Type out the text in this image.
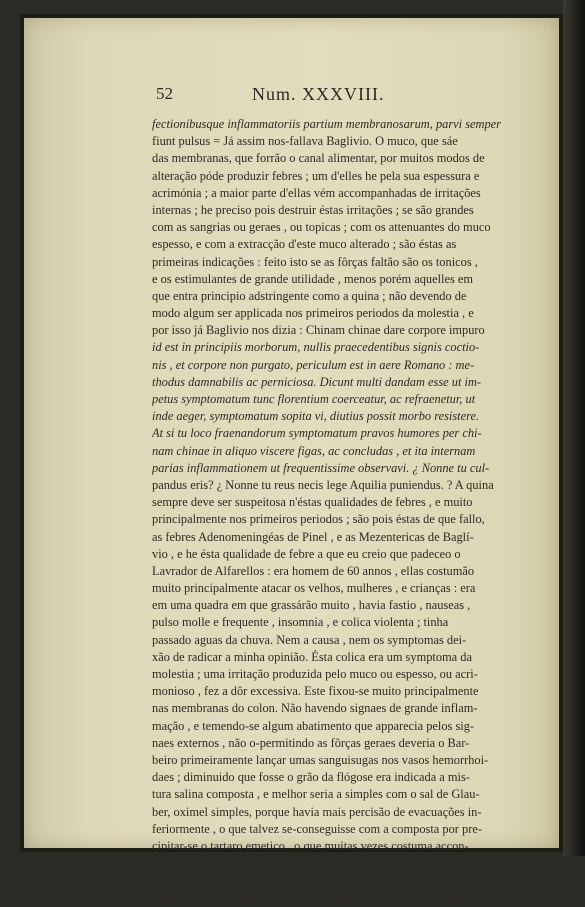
52	Num. XXXVIII.
fectionibusque inflammatoriis partium membranosarum, parvi semper
fiunt pulsus = Já assim nos-fallava Baglivio. O muco, que sáe
das membranas, que forrão o canal alimentar, por muitos modos de
alteração póde produzir febres ; um d'elles he pela sua espessura e
acrimónia ; a maior parte d'ellas vém accompanhadas de irritações
internas ; he preciso pois destruir éstas irritações ; se são grandes
com as sangrias ou geraes , ou topicas ; com os attenuantes do muco
espesso, e com a extracção d'este muco alterado ; são éstas as
primeiras indicações : feito isto se as fôrças faltão são os tonicos ,
e os estimulantes de grande utilidade , menos porém aquelles em
que entra principio adstringente como a quina ; não devendo de
modo algum ser applicada nos primeiros periodos da molestia , e
por isso já Baglivio nos dizia : Chinam chinae dare corpore impuro
id est in principiis morborum, nullis praecedentibus signis coctio-
nis , et corpore non purgato, periculum est in aere Romano : me-
thodus damnabilis ac perniciosa. Dicunt multi dandam esse ut im-
petus symptomatum tunc florentium coerceatur, ac refraenetur, ut
inde aeger, symptomatum sopita vi, diutius possit morbo resistere.
At si tu loco fraenandorum symptomatum pravos humores per chi-
nam chinae in aliquo viscere figas, ac concludas , et ita internam
parias inflammationem ut frequentissime observavi. ¿ Nonne tu cul-
pandus eris? ¿ Nonne tu reus necis lege Aquilia puniendus. ? A quina
sempre deve ser suspeitosa n'éstas qualidades de febres , e muito
principalmente nos primeiros periodos ; são pois éstas de que fallo,
as febres Adenomeningéas de Pinel , e as Mezentericas de Baglí-
vio , e he ésta qualidade de febre a que eu creio que padeceo o
Lavrador de Alfarellos : era homem de 60 annos , ellas costumão
muito principalmente atacar os velhos, mulheres , e crianças : era
em uma quadra em que grassárão muito , havia fastio , nauseas ,
pulso molle e frequente , insomnia , e colica violenta ; tinha
passado aguas da chuva. Nem a causa , nem os symptomas dei-
xão de radicar a minha opinião. Ésta colica era um symptoma da
molestia ; uma irritação produzida pelo muco ou espesso, ou acri-
monioso , fez a dôr excessiva. Este fixou-se muito principalmente
nas membranas do colon. Não havendo signaes de grande inflam-
mação , e temendo-se algum abatimento que apparecia pelos sig-
naes externos , não o-permitindo as fôrças geraes deveria o Bar-
beiro primeiramente lançar umas sanguisugas nos vasos hemorrhoi-
daes ; diminuido que fosse o grão da flógose era indicada a mis-
tura salina composta , e melhor seria a simples com o sal de Glau-
ber, oximel simples, porque havia mais percisão de evacuações in-
feriormente , o que talvez se-conseguisse com a composta por pre-
cipitar-se o tartaro emetico , o que muitas vezes costuma accon-
tecer ; o que porém foi contra-indicado , e que concorreo para a
morte do doente foi o cosimento de quina; porque sendo um to-
nico, e com principios adstringentes augmentou a causa da mo-
